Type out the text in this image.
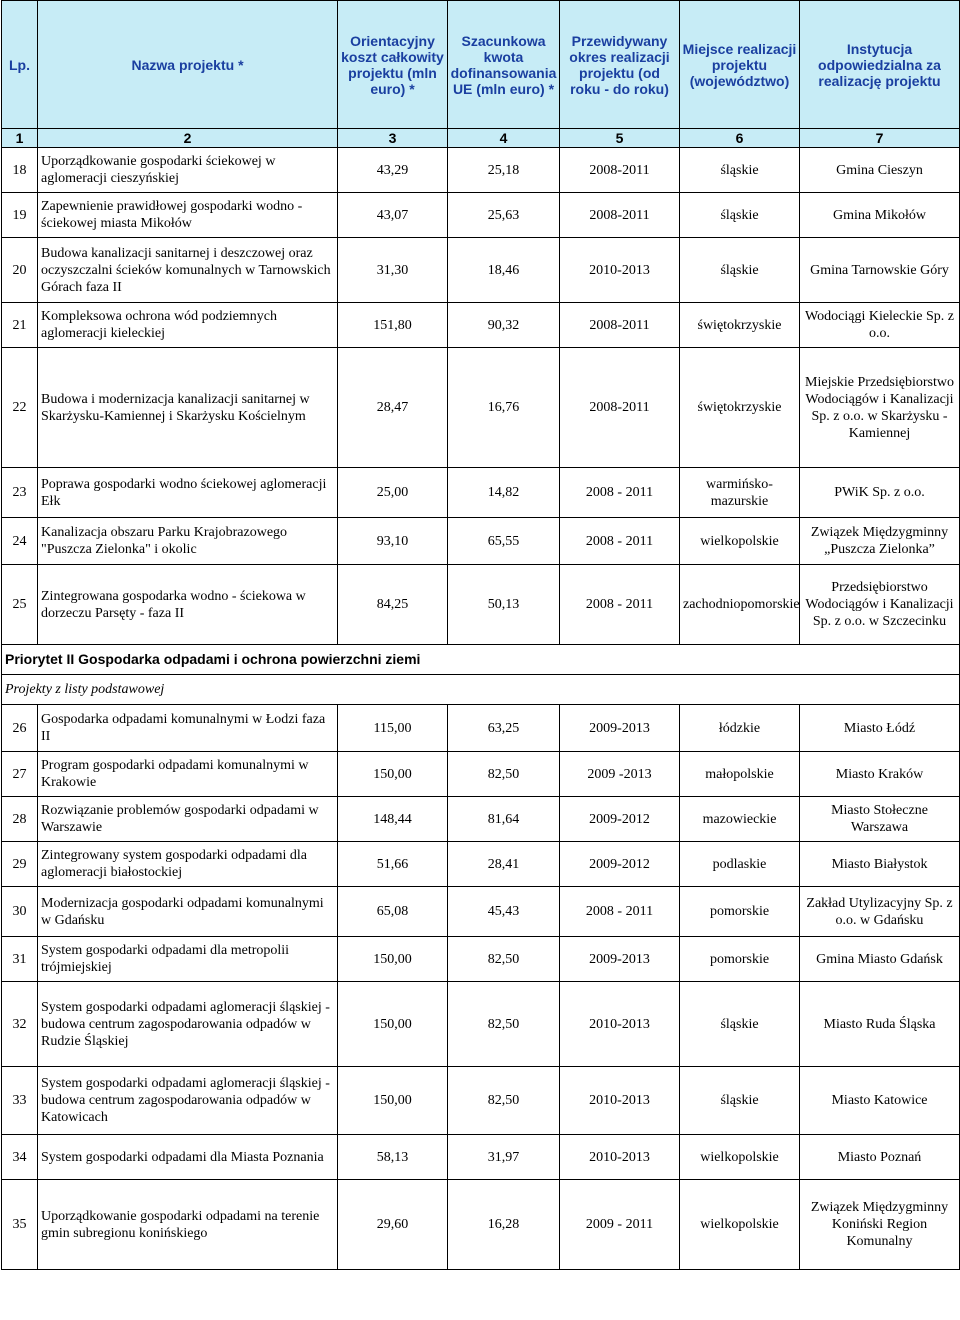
Lp.	Nazwa projektu *	Orientacyjny koszt całkowity projektu (mln euro) *	Szacunkowa kwota dofinansowania UE (mln euro) *	Przewidywany okres realizacji projektu (od roku - do roku)	Miejsce realizacji projektu (województwo)	Instytucja odpowiedzialna za realizację projektu
1	2	3	4	5	6	7
18	Uporządkowanie gospodarki ściekowej w aglomeracji cieszyńskiej	43,29	25,18	2008-2011	śląskie	Gmina Cieszyn
19	Zapewnienie prawidłowej gospodarki wodno - ściekowej miasta Mikołów	43,07	25,63	2008-2011	śląskie	Gmina Mikołów
20	Budowa kanalizacji sanitarnej i deszczowej oraz oczyszczalni ścieków komunalnych w Tarnowskich Górach faza II	31,30	18,46	2010-2013	śląskie	Gmina Tarnowskie Góry
21	Kompleksowa ochrona wód podziemnych aglomeracji kieleckiej	151,80	90,32	2008-2011	świętokrzyskie	Wodociągi Kieleckie Sp. z o.o.
22	Budowa i modernizacja kanalizacji sanitarnej w Skarżysku-Kamiennej i Skarżysku Kościelnym	28,47	16,76	2008-2011	świętokrzyskie	Miejskie Przedsiębiorstwo Wodociągów i Kanalizacji Sp. z o.o. w Skarżysku - Kamiennej
23	Poprawa gospodarki wodno ściekowej aglomeracji Ełk	25,00	14,82	2008 - 2011	warmińsko-mazurskie	PWiK Sp. z o.o.
24	Kanalizacja obszaru Parku Krajobrazowego "Puszcza Zielonka" i okolic	93,10	65,55	2008 - 2011	wielkopolskie	Związek Międzygminny „Puszcza Zielonka”
25	Zintegrowana gospodarka wodno - ściekowa w dorzeczu Parsęty - faza II	84,25	50,13	2008 - 2011	zachodniopomorskie	Przedsiębiorstwo Wodociągów i Kanalizacji Sp. z o.o. w Szczecinku
Priorytet II Gospodarka odpadami i ochrona powierzchni ziemi						
Projekty z listy podstawowej						
26	Gospodarka odpadami komunalnymi w Łodzi faza II	115,00	63,25	2009-2013	łódzkie	Miasto Łódź
27	Program gospodarki odpadami komunalnymi w Krakowie	150,00	82,50	2009 -2013	małopolskie	Miasto Kraków
28	Rozwiązanie problemów gospodarki odpadami w Warszawie	148,44	81,64	2009-2012	mazowieckie	Miasto Stołeczne Warszawa
29	Zintegrowany system gospodarki odpadami dla aglomeracji białostockiej	51,66	28,41	2009-2012	podlaskie	Miasto Białystok
30	Modernizacja gospodarki odpadami komunalnymi w Gdańsku	65,08	45,43	2008 - 2011	pomorskie	Zakład Utylizacyjny Sp. z o.o. w Gdańsku
31	System gospodarki odpadami dla metropolii trójmiejskiej	150,00	82,50	2009-2013	pomorskie	Gmina Miasto Gdańsk
32	System gospodarki odpadami aglomeracji śląskiej - budowa centrum zagospodarowania odpadów w Rudzie Śląskiej	150,00	82,50	2010-2013	śląskie	Miasto Ruda Śląska
33	System gospodarki odpadami aglomeracji śląskiej - budowa centrum zagospodarowania odpadów w Katowicach	150,00	82,50	2010-2013	śląskie	Miasto Katowice
34	System gospodarki odpadami dla Miasta Poznania	58,13	31,97	2010-2013	wielkopolskie	Miasto Poznań
35	Uporządkowanie gospodarki odpadami na terenie gmin subregionu konińskiego	29,60	16,28	2009 - 2011	wielkopolskie	Związek Międzygminny Koniński Region Komunalny
